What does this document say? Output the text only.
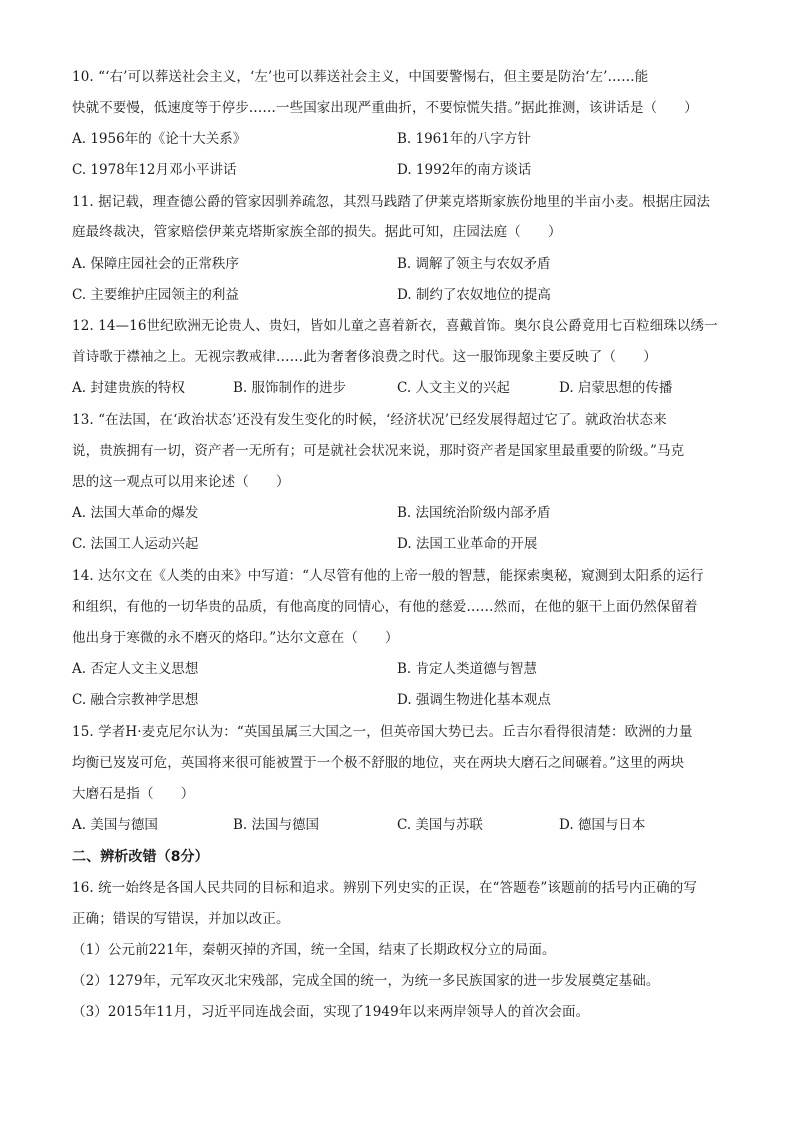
10. “‘右’可以葬送社会主义，‘左’也可以葬送社会主义，中国要警惕右，但主要是防治‘左’……能
快就不要慢，低速度等于停步……一些国家出现严重曲折，不要惊慌失措。”据此推测，该讲话是（　　）
A. 1956年的《论十大关系》	B. 1961年的八字方针
C. 1978年12月邓小平讲话	D. 1992年的南方谈话
11. 据记载，理查德公爵的管家因驯养疏忽，其烈马践踏了伊莱克塔斯家族份地里的半亩小麦。根据庄园法
庭最终裁决，管家赔偿伊莱克塔斯家族全部的损失。据此可知，庄园法庭（　　）
A. 保障庄园社会的正常秩序	B. 调解了领主与农奴矛盾
C. 主要维护庄园领主的利益	D. 制约了农奴地位的提高
12. 14—16世纪欧洲无论贵人、贵妇，皆如儿童之喜着新衣，喜戴首饰。奥尔良公爵竟用七百粒细珠以绣一
首诗歌于襟袖之上。无视宗教戒律……此为奢奢侈浪费之时代。这一服饰现象主要反映了（　　）
A. 封建贵族的特权	B. 服饰制作的进步	C. 人文主义的兴起	D. 启蒙思想的传播
13. “在法国，在‘政治状态’还没有发生变化的时候，‘经济状况’已经发展得超过它了。就政治状态来
说，贵族拥有一切，资产者一无所有；可是就社会状况来说，那时资产者是国家里最重要的阶级。”马克
思的这一观点可以用来论述（　　）
A. 法国大革命的爆发	B. 法国统治阶级内部矛盾
C. 法国工人运动兴起	D. 法国工业革命的开展
14. 达尔文在《人类的由来》中写道：“人尽管有他的上帝一般的智慧，能探索奥秘，窥测到太阳系的运行
和组织，有他的一切华贵的品质，有他高度的同情心，有他的慈爱……然而，在他的躯干上面仍然保留着
他出身于寒微的永不磨灭的烙印。”达尔文意在（　　）
A. 否定人文主义思想	B. 肯定人类道德与智慧
C. 融合宗教神学思想	D. 强调生物进化基本观点
15. 学者H·麦克尼尔认为：“英国虽属三大国之一，但英帝国大势已去。丘吉尔看得很清楚：欧洲的力量
均衡已岌岌可危，英国将来很可能被置于一个极不舒服的地位，夹在两块大磨石之间碾着。”这里的两块
大磨石是指（　　）
A. 美国与德国	B. 法国与德国	C. 美国与苏联	D. 德国与日本
二、辨析改错（8分）
16. 统一始终是各国人民共同的目标和追求。辨别下列史实的正误，在“答题卷”该题前的括号内正确的写
正确；错误的写错误，并加以改正。
（1）公元前221年，秦朝灭掉的齐国，统一全国，结束了长期政权分立的局面。
（2）1279年，元军攻灭北宋残部，完成全国的统一，为统一多民族国家的进一步发展奠定基础。
（3）2015年11月，习近平同连战会面，实现了1949年以来两岸领导人的首次会面。
